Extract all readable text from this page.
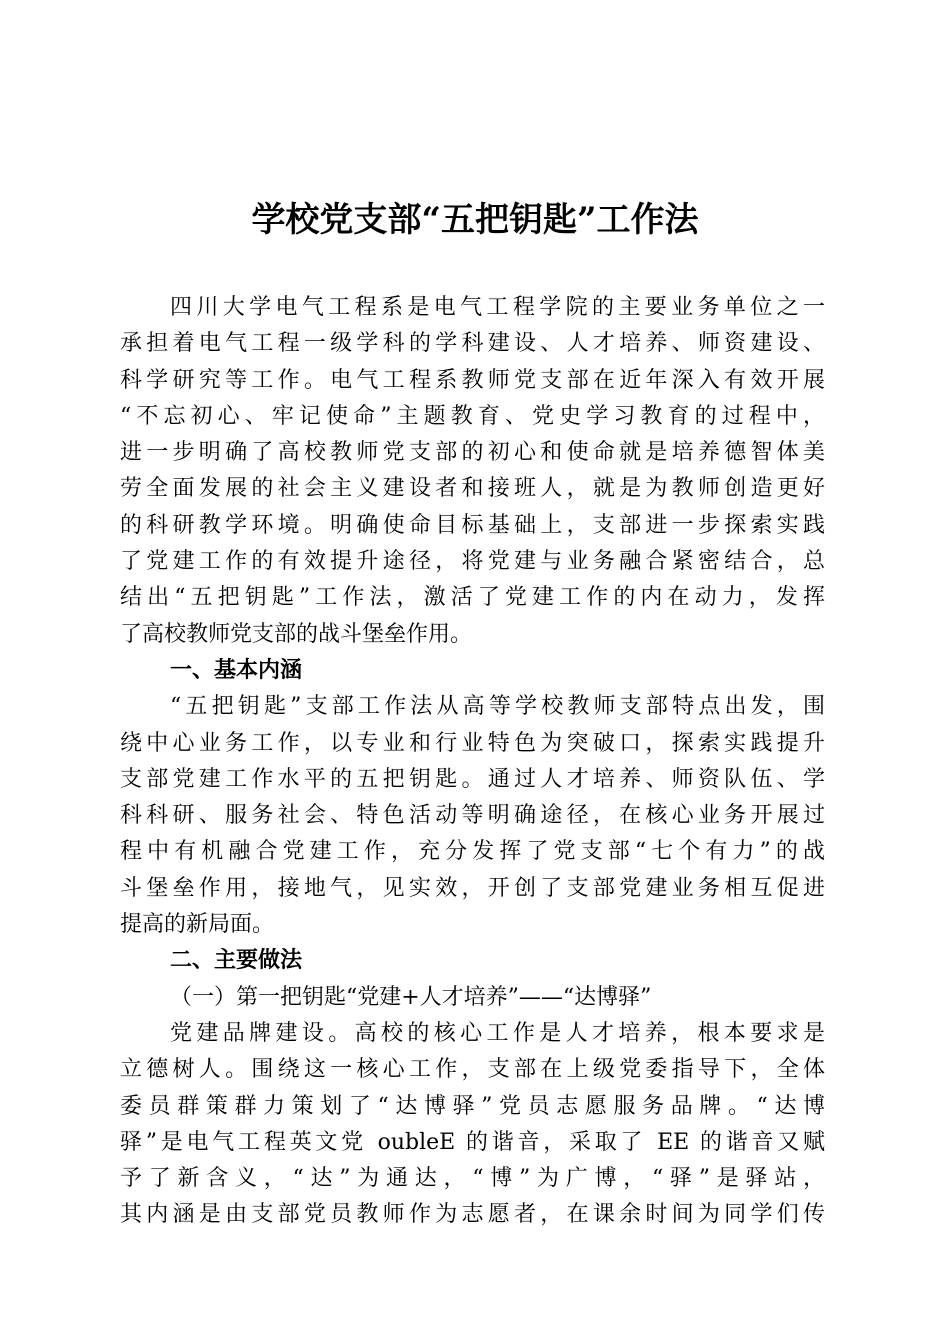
学校党支部“五把钥匙”工作法
四川大学电气工程系是电气工程学院的主要业务单位之一
承担着电气工程一级学科的学科建设、人才培养、师资建设、
科学研究等工作。电气工程系教师党支部在近年深入有效开展
“不忘初心、牢记使命”主题教育、党史学习教育的过程中，
进一步明确了高校教师党支部的初心和使命就是培养德智体美
劳全面发展的社会主义建设者和接班人，就是为教师创造更好
的科研教学环境。明确使命目标基础上，支部进一步探索实践
了党建工作的有效提升途径，将党建与业务融合紧密结合，总
结出“五把钥匙”工作法，激活了党建工作的内在动力，发挥
了高校教师党支部的战斗堡垒作用。
一、基本内涵
“五把钥匙”支部工作法从高等学校教师支部特点出发，围
绕中心业务工作，以专业和行业特色为突破口，探索实践提升
支部党建工作水平的五把钥匙。通过人才培养、师资队伍、学
科科研、服务社会、特色活动等明确途径，在核心业务开展过
程中有机融合党建工作，充分发挥了党支部“七个有力”的战
斗堡垒作用，接地气，见实效，开创了支部党建业务相互促进
提高的新局面。
二、主要做法
（一）第一把钥匙“党建+人才培养”——“达博驿”
党建品牌建设。高校的核心工作是人才培养，根本要求是
立德树人。围绕这一核心工作，支部在上级党委指导下，全体
委员群策群力策划了“达博驿”党员志愿服务品牌。“达博
驿”是电气工程英文党 oubleE 的谐音，采取了 EE 的谐音又赋
予了新含义，“达”为通达，“博”为广博，“驿”是驿站，
其内涵是由支部党员教师作为志愿者，在课余时间为同学们传
